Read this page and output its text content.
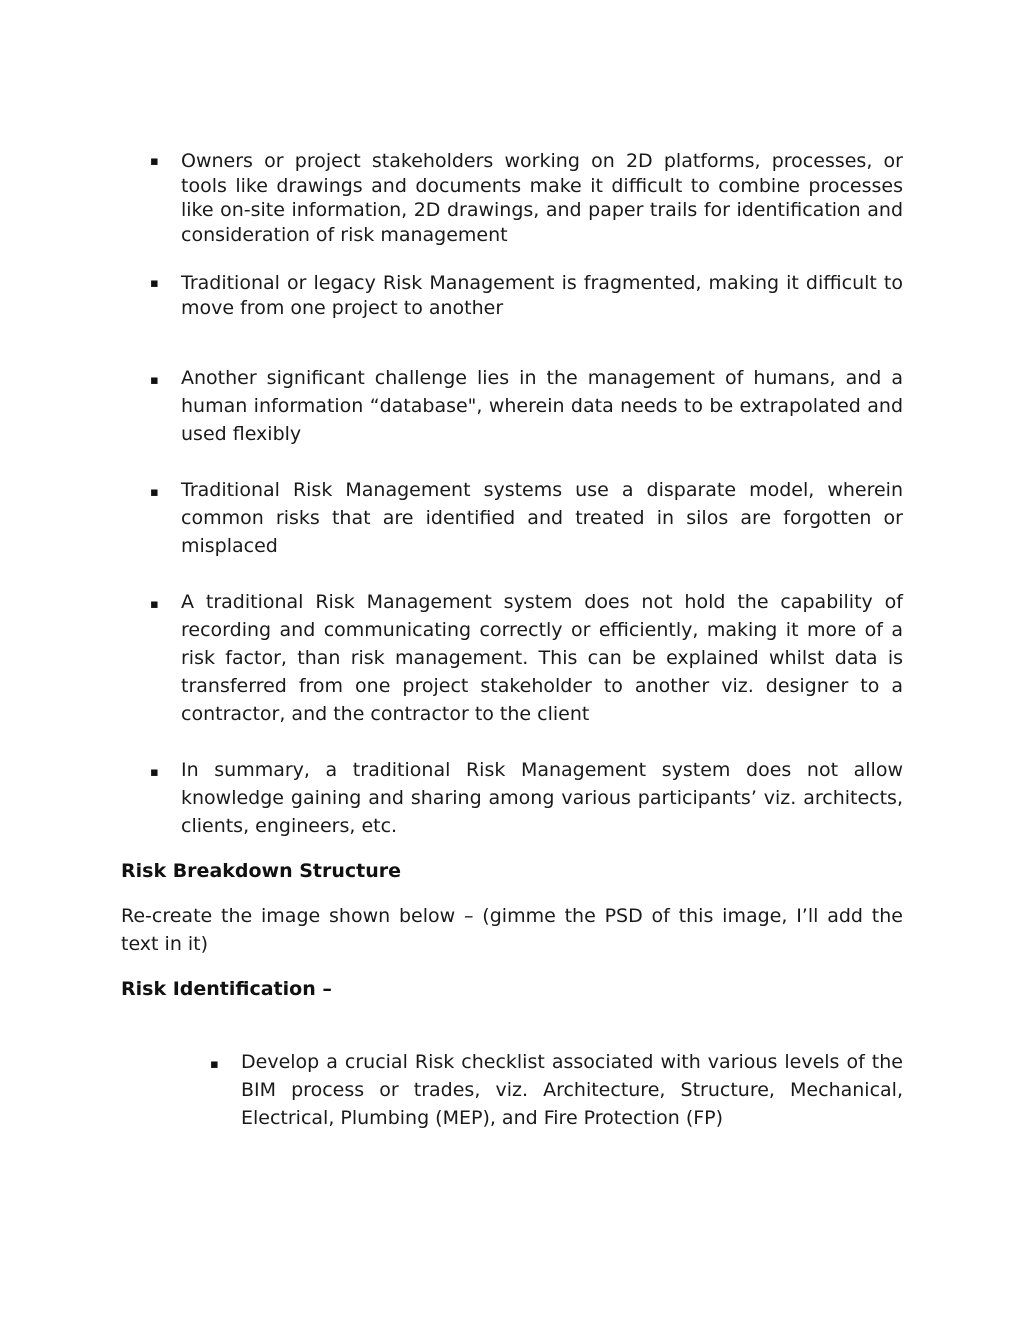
▪	Owners or project stakeholders working on 2D platforms, processes, or tools like drawings and documents make it difficult to combine processes like on-site information, 2D drawings, and paper trails for identification and consideration of risk management
▪	Traditional or legacy Risk Management is fragmented, making it difficult to move from one project to another
▪	Another significant challenge lies in the management of humans, and a human information “database", wherein data needs to be extrapolated and used flexibly
▪	Traditional Risk Management systems use a disparate model, wherein common risks that are identified and treated in silos are forgotten or misplaced
▪	A traditional Risk Management system does not hold the capability of recording and communicating correctly or efficiently, making it more of a risk factor, than risk management. This can be explained whilst data is transferred from one project stakeholder to another viz. designer to a contractor, and the contractor to the client
▪	In summary, a traditional Risk Management system does not allow knowledge gaining and sharing among various participants’ viz. architects, clients, engineers, etc.
Risk Breakdown Structure
Re-create the image shown below – (gimme the PSD of this image, I’ll add the text in it)
Risk Identification –
▪	Develop a crucial Risk checklist associated with various levels of the BIM process or trades, viz. Architecture, Structure, Mechanical, Electrical, Plumbing (MEP), and Fire Protection (FP)
